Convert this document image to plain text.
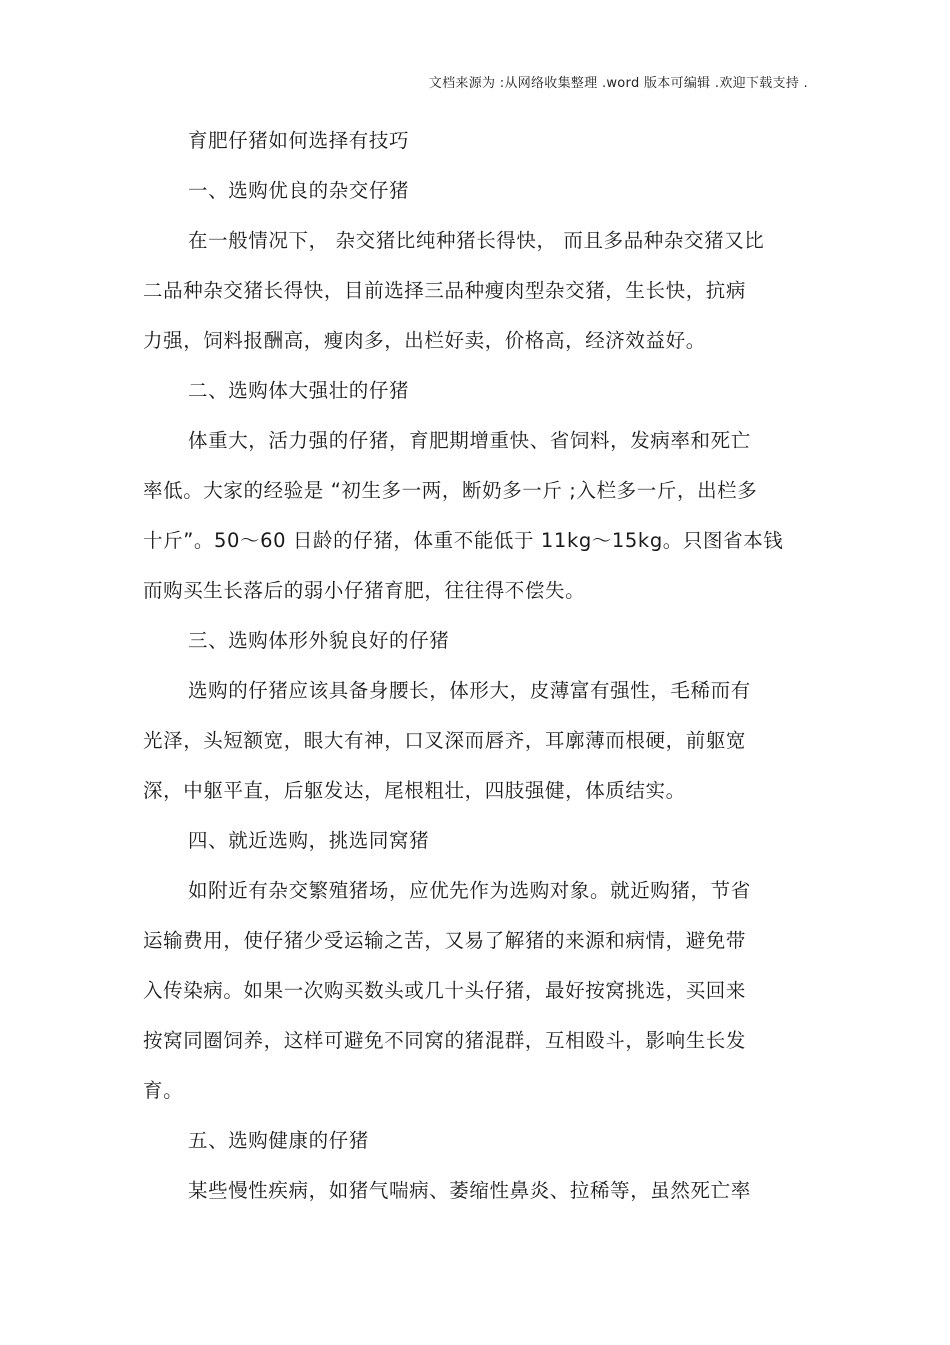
文档来源为 :从网络收集整理 .word 版本可编辑 .欢迎下载支持 .
育肥仔猪如何选择有技巧
一、选购优良的杂交仔猪
在一般情况下， 杂交猪比纯种猪长得快， 而且多品种杂交猪又比
二品种杂交猪长得快，目前选择三品种瘦肉型杂交猪，生长快，抗病
力强，饲料报酬高，瘦肉多，出栏好卖，价格高，经济效益好。
二、选购体大强壮的仔猪
体重大，活力强的仔猪，育肥期增重快、省饲料，发病率和死亡
率低。大家的经验是 “初生多一两，断奶多一斤 ;入栏多一斤，出栏多
十斤”。50～60 日龄的仔猪，体重不能低于 11kg～15kg。只图省本钱
而购买生长落后的弱小仔猪育肥，往往得不偿失。
三、选购体形外貌良好的仔猪
选购的仔猪应该具备身腰长，体形大，皮薄富有强性，毛稀而有
光泽，头短额宽，眼大有神，口叉深而唇齐，耳廓薄而根硬，前躯宽
深，中躯平直，后躯发达，尾根粗壮，四肢强健，体质结实。
四、就近选购，挑选同窝猪
如附近有杂交繁殖猪场，应优先作为选购对象。就近购猪，节省
运输费用，使仔猪少受运输之苦，又易了解猪的来源和病情，避免带
入传染病。如果一次购买数头或几十头仔猪，最好按窝挑选，买回来
按窝同圈饲养，这样可避免不同窝的猪混群，互相殴斗，影响生长发
育。
五、选购健康的仔猪
某些慢性疾病，如猪气喘病、萎缩性鼻炎、拉稀等，虽然死亡率
